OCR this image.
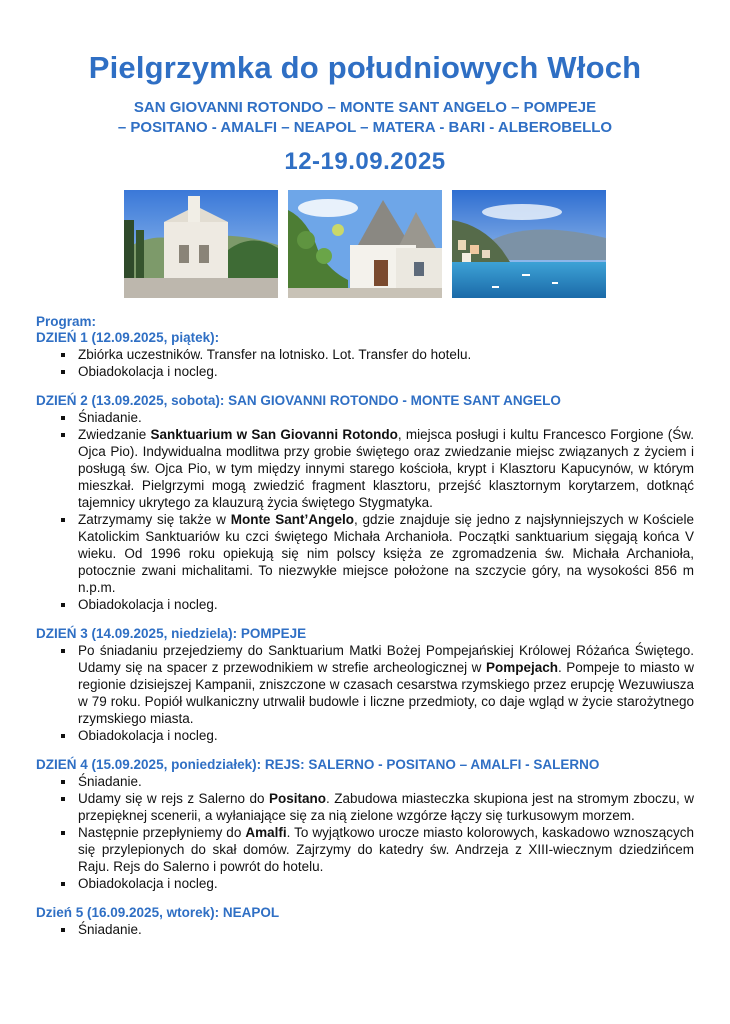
Pielgrzymka do południowych Włoch
SAN GIOVANNI ROTONDO – MONTE SANT ANGELO – POMPEJE
– POSITANO - AMALFI – NEAPOL – MATERA - BARI - ALBEROBELLO
12-19.09.2025
Program:
DZIEŃ 1 (12.09.2025, piątek):
Zbiórka uczestników. Transfer na lotnisko. Lot. Transfer do hotelu.
Obiadokolacja i nocleg.
DZIEŃ 2 (13.09.2025, sobota): SAN GIOVANNI ROTONDO - MONTE SANT ANGELO
Śniadanie.
Zwiedzanie Sanktuarium w San Giovanni Rotondo, miejsca posługi i kultu Francesco Forgione (Św. Ojca Pio). Indywidualna modlitwa przy grobie świętego oraz zwiedzanie miejsc związanych z życiem i posługą św. Ojca Pio, w tym między innymi starego kościoła, krypt i Klasztoru Kapucynów, w którym mieszkał. Pielgrzymi mogą zwiedzić fragment klasztoru, przejść klasztornym korytarzem, dotknąć tajemnicy ukrytego za klauzurą życia świętego Stygmatyka.
Zatrzymamy się także w Monte Sant’Angelo, gdzie znajduje się jedno z najsłynniejszych w Kościele Katolickim Sanktuariów ku czci świętego Michała Archanioła. Początki sanktuarium sięgają końca V wieku. Od 1996 roku opiekują się nim polscy księża ze zgromadzenia św. Michała Archanioła, potocznie zwani michalitami. To niezwykłe miejsce położone na szczycie góry, na wysokości 856 m n.p.m.
Obiadokolacja i nocleg.
DZIEŃ 3 (14.09.2025, niedziela): POMPEJE
Po śniadaniu przejedziemy do Sanktuarium Matki Bożej Pompejańskiej Królowej Różańca Świętego. Udamy się na spacer z przewodnikiem w strefie archeologicznej w Pompejach. Pompeje to miasto w regionie dzisiejszej Kampanii, zniszczone w czasach cesarstwa rzymskiego przez erupcję Wezuwiusza w 79 roku. Popiół wulkaniczny utrwalił budowle i liczne przedmioty, co daje wgląd w życie starożytnego rzymskiego miasta.
Obiadokolacja i nocleg.
DZIEŃ 4 (15.09.2025, poniedziałek): REJS: SALERNO - POSITANO – AMALFI - SALERNO
Śniadanie.
Udamy się w rejs z Salerno do Positano. Zabudowa miasteczka skupiona jest na stromym zboczu, w przepięknej scenerii, a wyłaniające się za nią zielone wzgórze łączy się turkusowym morzem.
Następnie przepłyniemy do Amalfi. To wyjątkowo urocze miasto kolorowych, kaskadowo wznoszących się przylepionych do skał domów. Zajrzymy do katedry św. Andrzeja z XIII-wiecznym dziedzińcem Raju. Rejs do Salerno i powrót do hotelu.
Obiadokolacja i nocleg.
Dzień 5 (16.09.2025, wtorek): NEAPOL
Śniadanie.
